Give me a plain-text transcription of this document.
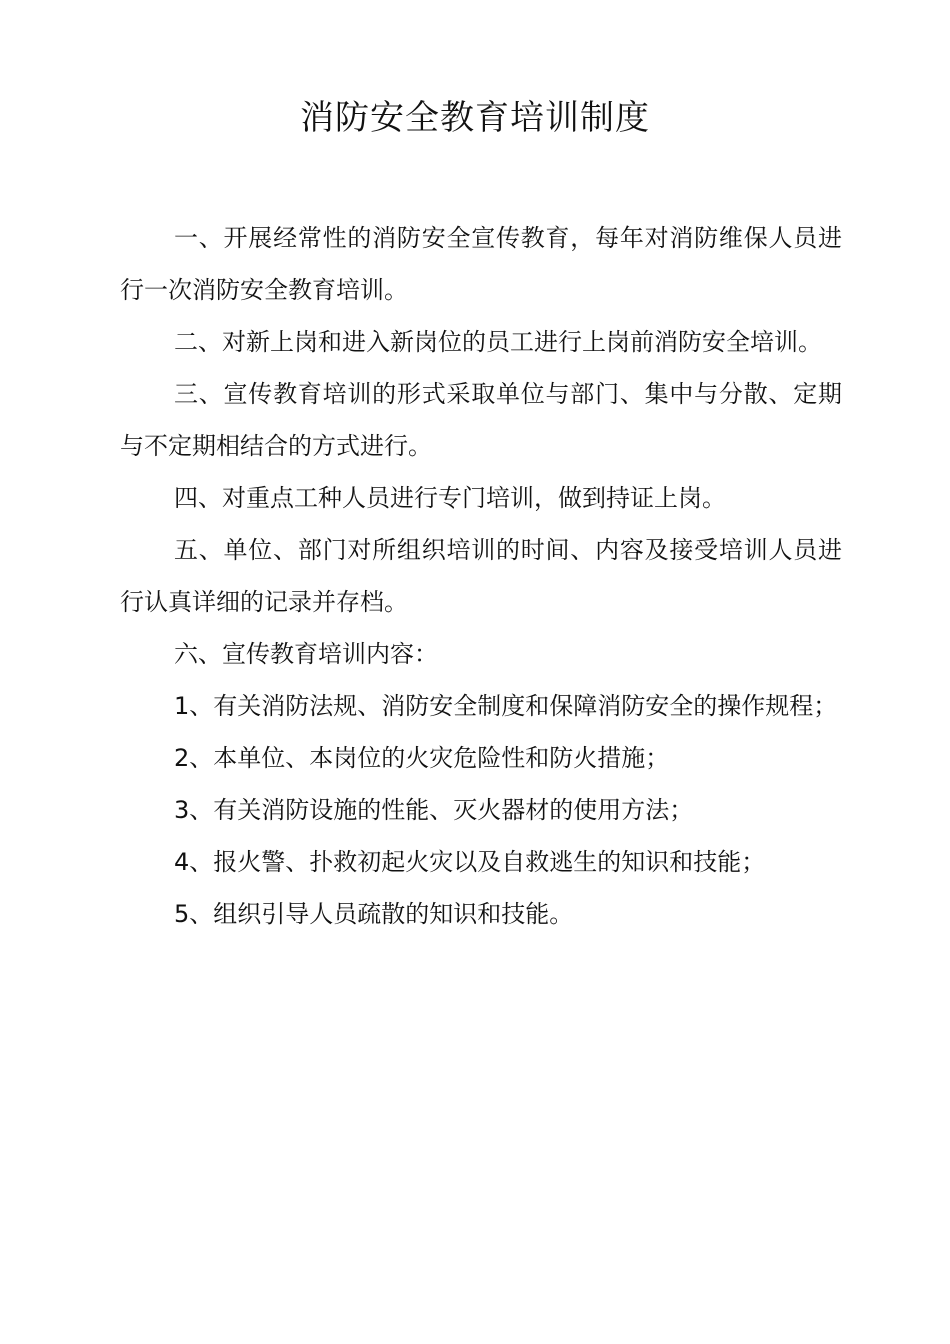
消防安全教育培训制度

一、开展经常性的消防安全宣传教育，每年对消防维保人员进行一次消防安全教育培训。

二、对新上岗和进入新岗位的员工进行上岗前消防安全培训。

三、宣传教育培训的形式采取单位与部门、集中与分散、定期与不定期相结合的方式进行。

四、对重点工种人员进行专门培训，做到持证上岗。

五、单位、部门对所组织培训的时间、内容及接受培训人员进行认真详细的记录并存档。

六、宣传教育培训内容：

1、有关消防法规、消防安全制度和保障消防安全的操作规程；

2、本单位、本岗位的火灾危险性和防火措施；

3、有关消防设施的性能、灭火器材的使用方法；

4、报火警、扑救初起火灾以及自救逃生的知识和技能；

5、组织引导人员疏散的知识和技能。
